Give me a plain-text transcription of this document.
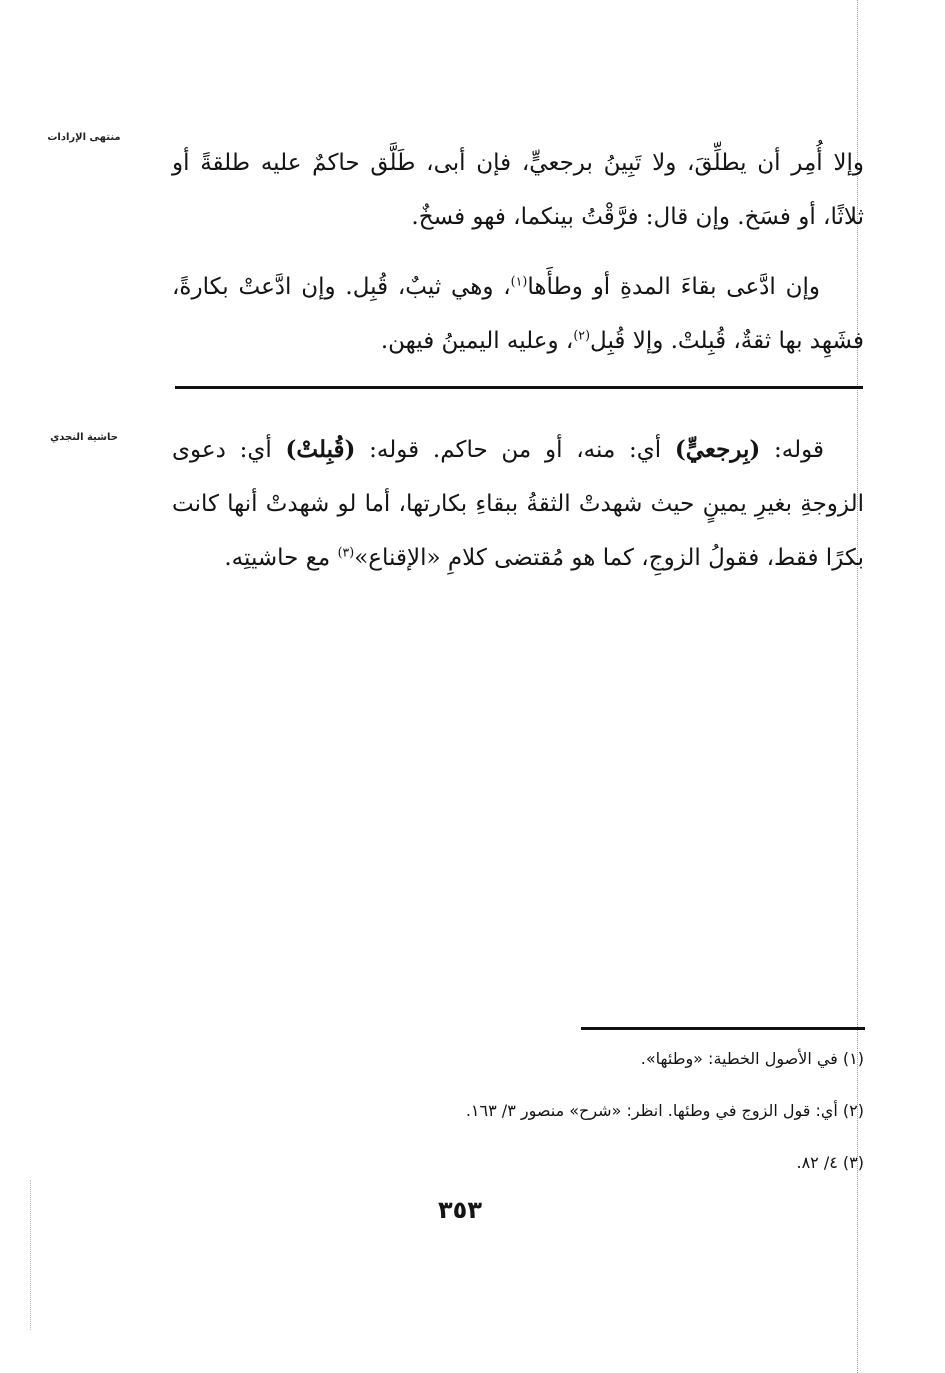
منتهى الإرادات
حاشية النجدي

وإلا أُمِر أن يطلِّقَ، ولا تَبِينُ برجعيٍّ، فإن أبى، طَلَّق حاكمٌ عليه طلقةً أو ثلاثًا، أو فسَخ. وإن قال: فرَّقْتُ بينكما، فهو فسخٌ.

وإن ادَّعى بقاءَ المدةِ أو وطأَها$^{(١)}$، وهي ثيبٌ، قُبِل. وإن ادَّعتْ بكارةً، فشَهِد بها ثقةٌ، قُبِلتْ. وإلا قُبِل$^{(٢)}$، وعليه اليمينُ فيهن.

قوله: (بِرجعيٍّ) أي: منه، أو من حاكم. قوله: (قُبِلتْ) أي: دعوى الزوجةِ بغيرِ يمينٍ حيث شهدتْ الثقةُ ببقاءِ بكارتها، أما لو شهدتْ أنها كانت بكرًا فقط، فقولُ الزوجِ، كما هو مُقتضى كلامِ «الإقناع»$^{(٣)}$ مع حاشيتِه.

(١) في الأصول الخطية: «وطئها».

(٢) أي: قول الزوج في وطئها. انظر: «شرح» منصور ٣/ ١٦٣.

(٣) ٤/ ٨٢.

٣٥٣
